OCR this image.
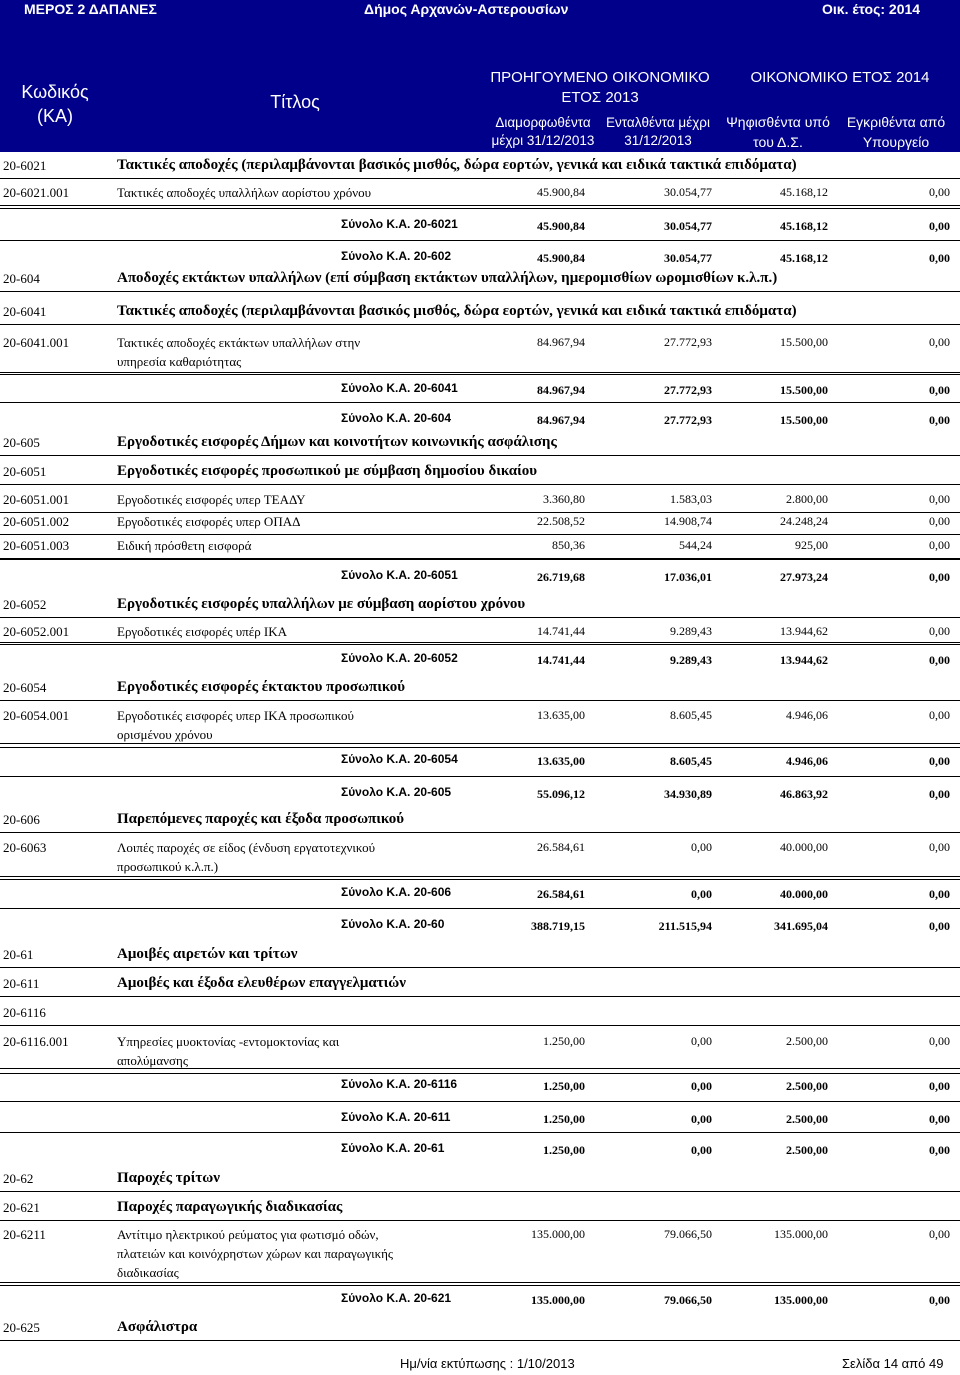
ΜΕΡΟΣ 2 ΔΑΠΑΝΕΣ	Δήμος Αρχανών-Αστερουσίων	Οικ. έτος: 2014
Κωδικός
(ΚΑ)
Τίτλος
ΠΡΟΗΓΟΥΜΕΝΟ ΟΙΚΟΝΟΜΙΚΟ
ΕΤΟΣ 2013
Διαμορφωθέντα
μέχρι 31/12/2013
Ενταλθέντα μέχρι
31/12/2013
ΟΙΚΟΝΟΜΙΚΟ ΕΤΟΣ 2014
Ψηφισθέντα υπό
του Δ.Σ.
Εγκριθέντα από
Υπουργείο
20-6021	Τακτικές αποδοχές (περιλαμβάνονται βασικός μισθός, δώρα εορτών, γενικά και ειδικά τακτικά επιδόματα)
20-6021.001	Τακτικές αποδοχές υπαλλήλων αορίστου χρόνου	45.900,84	30.054,77	45.168,12	0,00
Σύνολο Κ.Α. 20-6021	45.900,84	30.054,77	45.168,12	0,00
Σύνολο Κ.Α. 20-602	45.900,84	30.054,77	45.168,12	0,00
20-604	Αποδοχές εκτάκτων υπαλλήλων (επί σύμβαση εκτάκτων υπαλλήλων, ημερομισθίων ωρομισθίων κ.λ.π.)
20-6041	Τακτικές αποδοχές (περιλαμβάνονται βασικός μισθός, δώρα εορτών, γενικά και ειδικά τακτικά επιδόματα)
20-6041.001	Τακτικές αποδοχές εκτάκτων υπαλλήλων στην
υπηρεσία καθαριότητας
84.967,94	27.772,93	15.500,00	0,00
Σύνολο Κ.Α. 20-6041	84.967,94	27.772,93	15.500,00	0,00
Σύνολο Κ.Α. 20-604	84.967,94	27.772,93	15.500,00	0,00
20-605	Εργοδοτικές εισφορές Δήμων και κοινοτήτων κοινωνικής ασφάλισης
20-6051	Εργοδοτικές εισφορές προσωπικού με σύμβαση δημοσίου δικαίου
20-6051.001	Εργοδοτικές εισφορές υπερ ΤΕΑΔΥ	3.360,80	1.583,03	2.800,00	0,00
20-6051.002	Εργοδοτικές εισφορές υπερ ΟΠΑΔ	22.508,52	14.908,74	24.248,24	0,00
20-6051.003	Ειδική πρόσθετη εισφορά	850,36	544,24	925,00	0,00
Σύνολο Κ.Α. 20-6051	26.719,68	17.036,01	27.973,24	0,00
20-6052	Εργοδοτικές εισφορές υπαλλήλων με σύμβαση αορίστου χρόνου
20-6052.001	Εργοδοτικές εισφορές υπέρ ΙΚΑ	14.741,44	9.289,43	13.944,62	0,00
Σύνολο Κ.Α. 20-6052	14.741,44	9.289,43	13.944,62	0,00
20-6054	Εργοδοτικές εισφορές έκτακτου προσωπικού
20-6054.001	Εργοδοτικές εισφορές υπερ ΙΚΑ προσωπικού
ορισμένου χρόνου
13.635,00	8.605,45	4.946,06	0,00
Σύνολο Κ.Α. 20-6054	13.635,00	8.605,45	4.946,06	0,00
Σύνολο Κ.Α. 20-605	55.096,12	34.930,89	46.863,92	0,00
20-606	Παρεπόμενες παροχές και έξοδα προσωπικού
20-6063	Λοιπές παροχές σε είδος (ένδυση εργατοτεχνικού
προσωπικού κ.λ.π.)
26.584,61	0,00	40.000,00	0,00
Σύνολο Κ.Α. 20-606	26.584,61	0,00	40.000,00	0,00
Σύνολο Κ.Α. 20-60	388.719,15	211.515,94	341.695,04	0,00
20-61	Αμοιβές αιρετών και τρίτων
20-611	Αμοιβές και έξοδα ελευθέρων επαγγελματιών
20-6116
20-6116.001	Υπηρεσίες μυοκτονίας -εντομοκτονίας και
απολύμανσης
1.250,00	0,00	2.500,00	0,00
Σύνολο Κ.Α. 20-6116	1.250,00	0,00	2.500,00	0,00
Σύνολο Κ.Α. 20-611	1.250,00	0,00	2.500,00	0,00
Σύνολο Κ.Α. 20-61	1.250,00	0,00	2.500,00	0,00
20-62	Παροχές τρίτων
20-621	Παροχές παραγωγικής διαδικασίας
20-6211	Αντίτιμο ηλεκτρικού ρεύματος για φωτισμό οδών,
πλατειών και κοινόχρηστων χώρων και παραγωγικής
διαδικασίας
135.000,00	79.066,50	135.000,00	0,00
Σύνολο Κ.Α. 20-621	135.000,00	79.066,50	135.000,00	0,00
20-625	Ασφάλιστρα
Ημ/νία εκτύπωσης : 1/10/2013	Σελίδα 14 από 49
